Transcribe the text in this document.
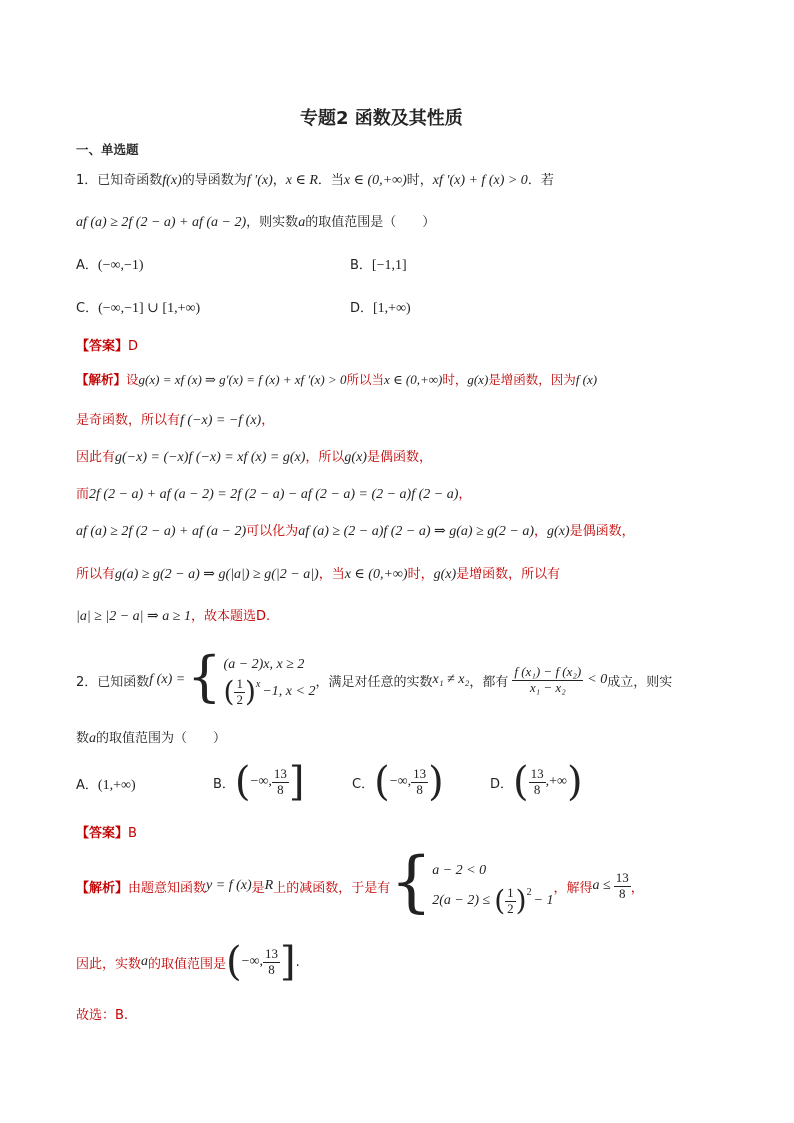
专题2 函数及其性质
一、单选题
1．已知奇函数f(x)的导函数为f ′(x)，x ∈ R．当x ∈ (0,+∞)时，xf ′(x) + f (x) > 0．若
af (a) ≥ 2f (2 − a) + af (a − 2)，则实数a的取值范围是（　　）
A．(−∞,−1)	B．[−1,1]
C．(−∞,−1] ∪ [1,+∞)	D．[1,+∞)
【答案】D
【解析】设g(x) = xf (x) ⇒ g′(x) = f (x) + xf ′(x) > 0所以当x ∈ (0,+∞)时，g(x)是增函数，因为f (x)
是奇函数，所以有f (−x) = −f (x)，
因此有g(−x) = (−x)f (−x) = xf (x) = g(x)，所以g(x)是偶函数，
而2f (2 − a) + af (a − 2) = 2f (2 − a) − af (2 − a) = (2 − a)f (2 − a)，
af (a) ≥ 2f (2 − a) + af (a − 2)可以化为af (a) ≥ (2 − a)f (2 − a) ⇒ g(a) ≥ g(2 − a)，g(x)是偶函数，
所以有g(a) ≥ g(2 − a) ⇒ g(|a|) ≥ g(|2 − a|)，当x ∈ (0,+∞)时，g(x)是增函数，所以有
|a| ≥ |2 − a| ⇒ a ≥ 1，故本题选D.
2． 已知函数 f (x) = { (a − 2)x, x ≥ 2
( $\frac{1}{2}$ ) x −1, x < 2
，满足对任意的实数 x₁ ≠ x₂ ，都有 $\frac{\text{f (x₁) − f (x₂)}}{\text{x₁ − x₂}} < 0$ 成立，则实
数a的取值范围为（　　）
A．(1,+∞)	B． ( −∞, $\frac{13}{8}$ ]	C． ( −∞, $\frac{13}{8}$ )	D． ( $\frac{13}{8}$ ,+∞ )
【答案】B
【解析】 由题意知函数 y = f (x) 是 R 上的减函数，于是有 { a − 2 < 0
2(a − 2) ≤ ( $\frac{1}{2}$ ) 2
− 1
，解得 $a \le \frac{13}{8}$ ，
因此，实数 a 的取值范围是 ( −∞, $\frac{13}{8}$ ] .
故选：B.
